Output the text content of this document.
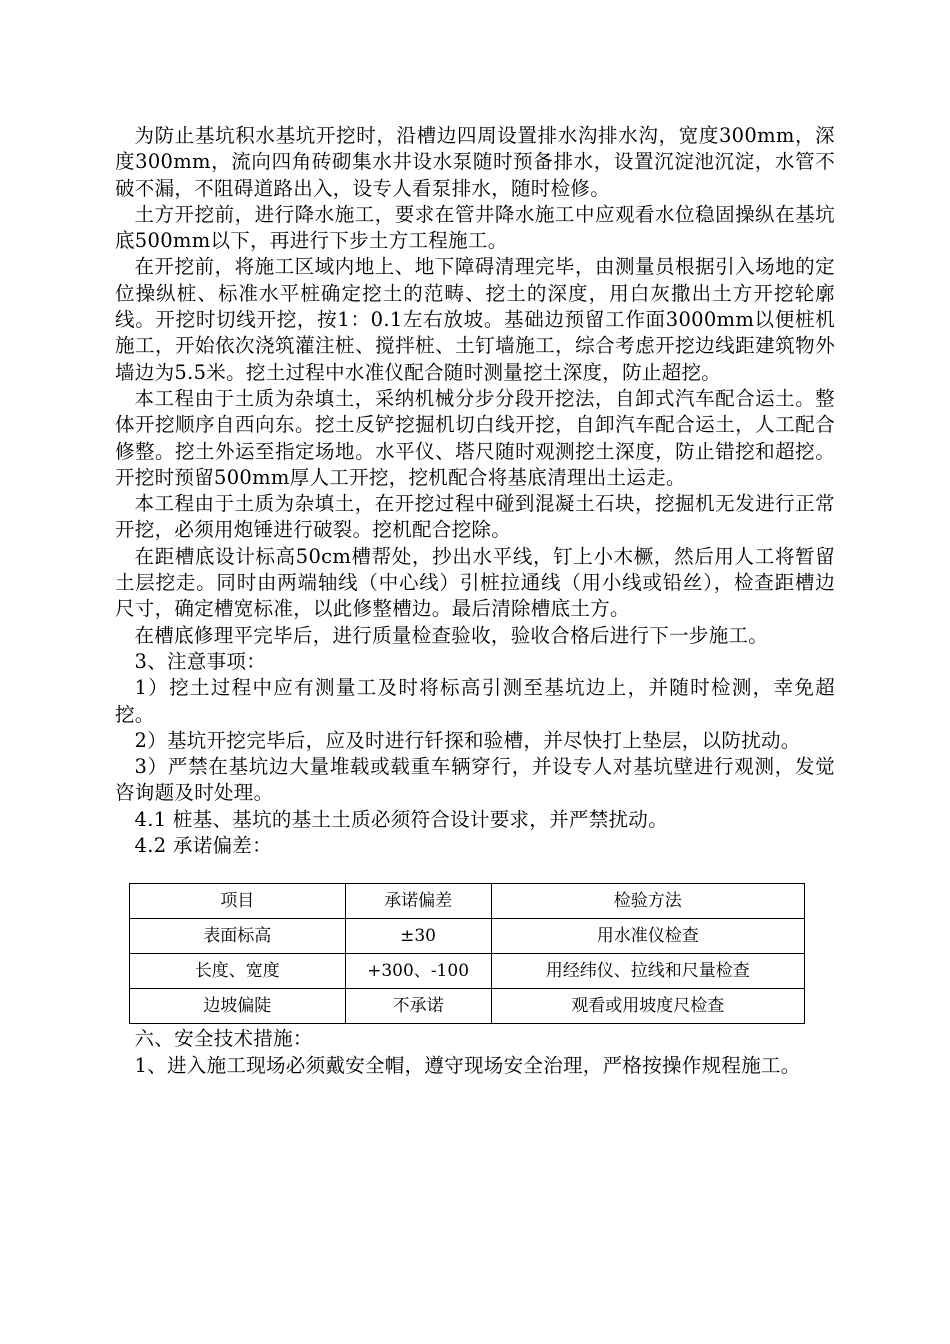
为防止基坑积水基坑开挖时，沿槽边四周设置排水沟排水沟，宽度300mm，深度300mm，流向四角砖砌集水井设水泵随时预备排水，设置沉淀池沉淀，水管不破不漏，不阻碍道路出入，设专人看泵排水，随时检修。

土方开挖前，进行降水施工，要求在管井降水施工中应观看水位稳固操纵在基坑底500mm以下，再进行下步土方工程施工。

在开挖前，将施工区域内地上、地下障碍清理完毕，由测量员根据引入场地的定位操纵桩、标准水平桩确定挖土的范畴、挖土的深度，用白灰撒出土方开挖轮廓线。开挖时切线开挖，按1：0.1左右放坡。基础边预留工作面3000mm以便桩机施工，开始依次浇筑灌注桩、搅拌桩、土钉墙施工，综合考虑开挖边线距建筑物外墙边为5.5米。挖土过程中水准仪配合随时测量挖土深度，防止超挖。

本工程由于土质为杂填土，采纳机械分步分段开挖法，自卸式汽车配合运土。整体开挖顺序自西向东。挖土反铲挖掘机切白线开挖，自卸汽车配合运土，人工配合修整。挖土外运至指定场地。水平仪、塔尺随时观测挖土深度，防止错挖和超挖。开挖时预留500mm厚人工开挖，挖机配合将基底清理出土运走。

本工程由于土质为杂填土，在开挖过程中碰到混凝土石块，挖掘机无发进行正常开挖，必须用炮锤进行破裂。挖机配合挖除。

在距槽底设计标高50cm槽帮处，抄出水平线，钉上小木橛，然后用人工将暂留土层挖走。同时由两端轴线（中心线）引桩拉通线（用小线或铅丝），检查距槽边尺寸，确定槽宽标准，以此修整槽边。最后清除槽底土方。

在槽底修理平完毕后，进行质量检查验收，验收合格后进行下一步施工。

3、注意事项：

1）挖土过程中应有测量工及时将标高引测至基坑边上，并随时检测，幸免超挖。

2）基坑开挖完毕后，应及时进行钎探和验槽，并尽快打上垫层，以防扰动。

3）严禁在基坑边大量堆载或载重车辆穿行，并设专人对基坑壁进行观测，发觉咨询题及时处理。

4.1 桩基、基坑的基土土质必须符合设计要求，并严禁扰动。

4.2 承诺偏差：

项目	承诺偏差	检验方法
表面标高	±30	用水准仪检查
长度、宽度	+300、-100	用经纬仪、拉线和尺量检查
边坡偏陡	不承诺	观看或用坡度尺检查

六、安全技术措施：

1、进入施工现场必须戴安全帽，遵守现场安全治理，严格按操作规程施工。
